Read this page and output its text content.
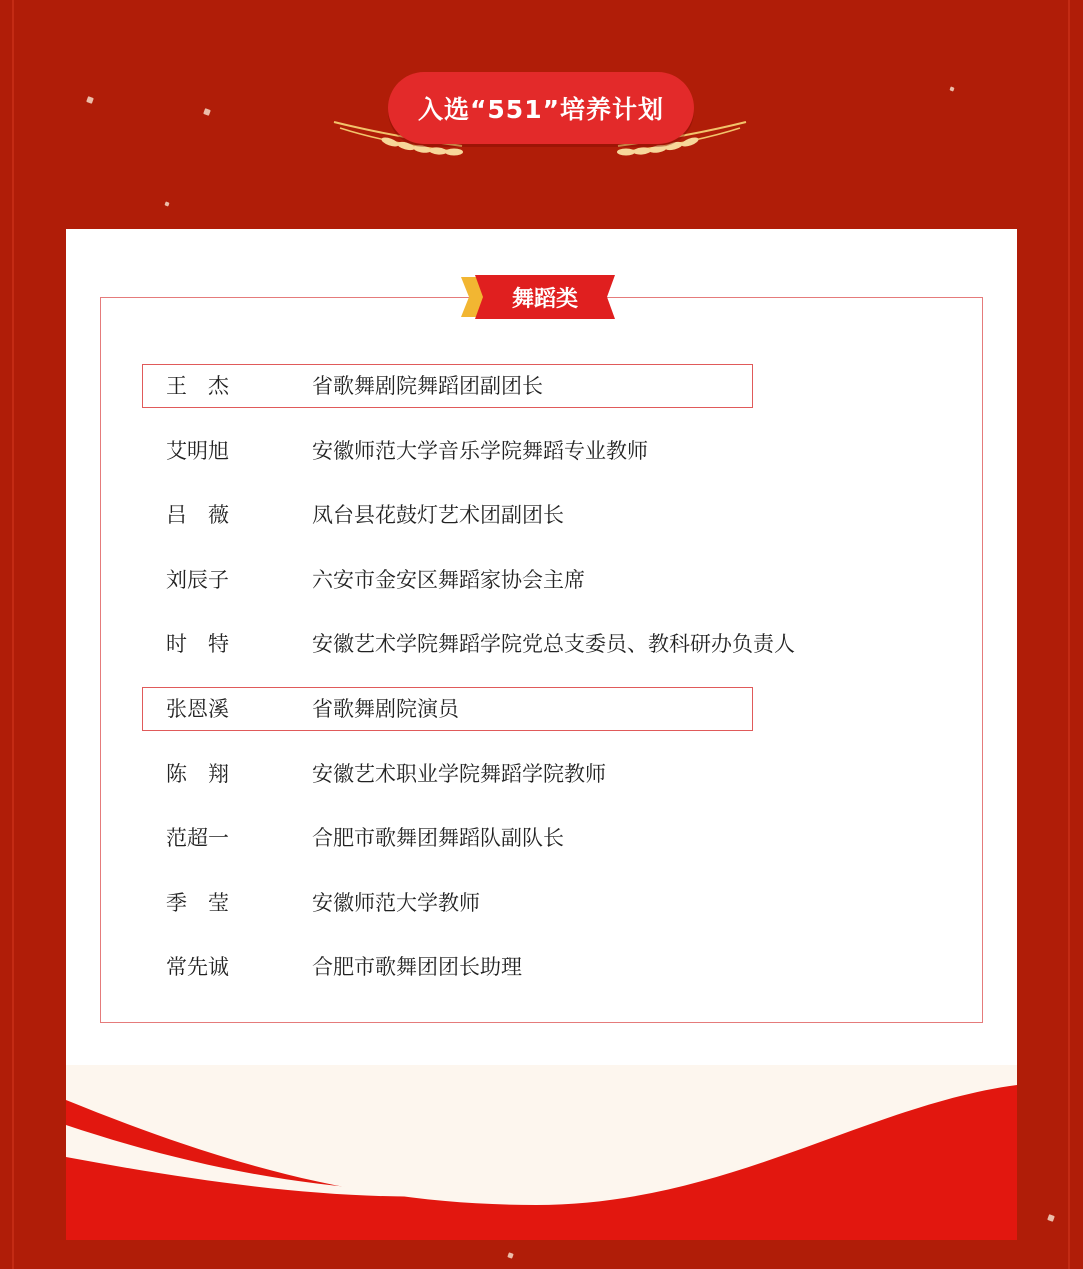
入选“551”培养计划
舞蹈类
王　杰	省歌舞剧院舞蹈团副团长
艾明旭	安徽师范大学音乐学院舞蹈专业教师
吕　薇	凤台县花鼓灯艺术团副团长
刘辰子	六安市金安区舞蹈家协会主席
时　特	安徽艺术学院舞蹈学院党总支委员、教科研办负责人
张恩溪	省歌舞剧院演员
陈　翔	安徽艺术职业学院舞蹈学院教师
范超一	合肥市歌舞团舞蹈队副队长
季　莹	安徽师范大学教师
常先诚	合肥市歌舞团团长助理
